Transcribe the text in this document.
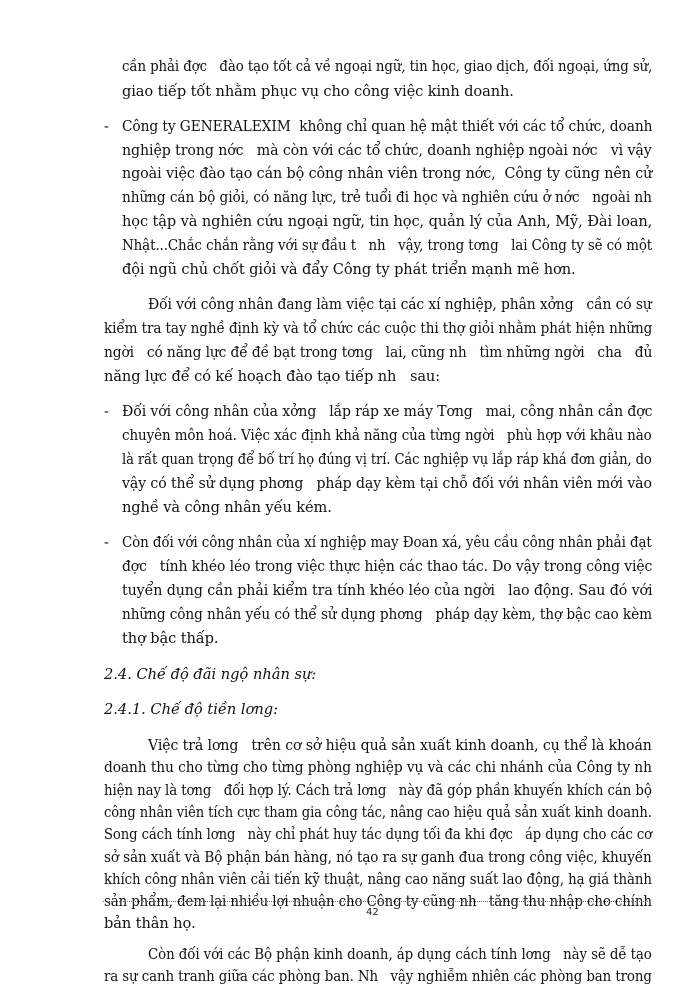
cần phải đợc   đào tạo tốt cả về ngoại ngữ, tin học, giao dịch, đối ngoại, ứng sử,
giao tiếp tốt nhằm phục vụ cho công việc kinh doanh.
- Công ty GENERALEXIM  không chỉ quan hệ mật thiết với các tổ chức, doanh
nghiệp trong nớc   mà còn với các tổ chức, doanh nghiệp ngoài nớc   vì vậy
ngoài việc đào tạo cán bộ công nhân viên trong nớc,  Công ty cũng nên cử
những cán bộ giỏi, có năng lực, trẻ tuổi đi học và nghiên cứu ở nớc   ngoài nh
học tập và nghiên cứu ngoại ngữ, tin học, quản lý của Anh, Mỹ, Đài loan,
Nhật...Chắc chắn rằng với sự đầu t   nh   vậy, trong tơng   lai Công ty sẽ có một
đội ngũ chủ chốt giỏi và đẩy Công ty phát triển mạnh mẽ hơn.
Đối với công nhân đang làm việc tại các xí nghiệp, phân xởng   cần có sự
kiểm tra tay nghề định kỳ và tổ chức các cuộc thi thợ giỏi nhằm phát hiện những
ngời   có năng lực để đề bạt trong tơng   lai, cũng nh   tìm những ngời   cha   đủ
năng lực để có kế hoạch đào tạo tiếp nh   sau:
- Đối với công nhân của xởng   lắp ráp xe máy Tơng   mai, công nhân cần đợc
chuyên môn hoá. Việc xác định khả năng của từng ngời   phù hợp với khâu nào
là rất quan trọng để bố trí họ đúng vị trí. Các nghiệp vụ lắp ráp khá đơn giản, do
vậy có thể sử dụng phơng   pháp dạy kèm tại chỗ đối với nhân viên mới vào
nghề và công nhân yếu kém.
- Còn đối với công nhân của xí nghiệp may Đoan xá, yêu cầu công nhân phải đạt
đợc   tính khéo léo trong việc thực hiện các thao tác. Do vậy trong công việc
tuyển dụng cần phải kiểm tra tính khéo léo của ngời   lao động. Sau đó với
những công nhân yếu có thể sử dụng phơng   pháp dạy kèm, thợ bậc cao kèm
thợ bậc thấp.
2.4. Chế độ đãi ngộ nhân sự:
2.4.1. Chế độ tiền lơng:
Việc trả lơng   trên cơ sở hiệu quả sản xuất kinh doanh, cụ thể là khoán
doanh thu cho từng cho từng phòng nghiệp vụ và các chi nhánh của Công ty nh
hiện nay là tơng   đối hợp lý. Cách trả lơng   này đã góp phần khuyến khích cán bộ
công nhân viên tích cực tham gia công tác, nâng cao hiệu quả sản xuất kinh doanh.
Song cách tính lơng   này chỉ phát huy tác dụng tối đa khi đợc   áp dụng cho các cơ
sở sản xuất và Bộ phận bán hàng, nó tạo ra sự ganh đua trong công việc, khuyến
khích công nhân viên cải tiến kỹ thuật, nâng cao năng suất lao động, hạ giá thành
sản phẩm, đem lại nhiều lợi nhuận cho Công ty cũng nh   tăng thu nhập cho chính
bản thân họ.
42
Còn đối với các Bộ phận kinh doanh, áp dụng cách tính lơng   này sẽ dễ tạo
ra sự canh tranh giữa các phòng ban. Nh   vậy nghiễm nhiên các phòng ban trong
